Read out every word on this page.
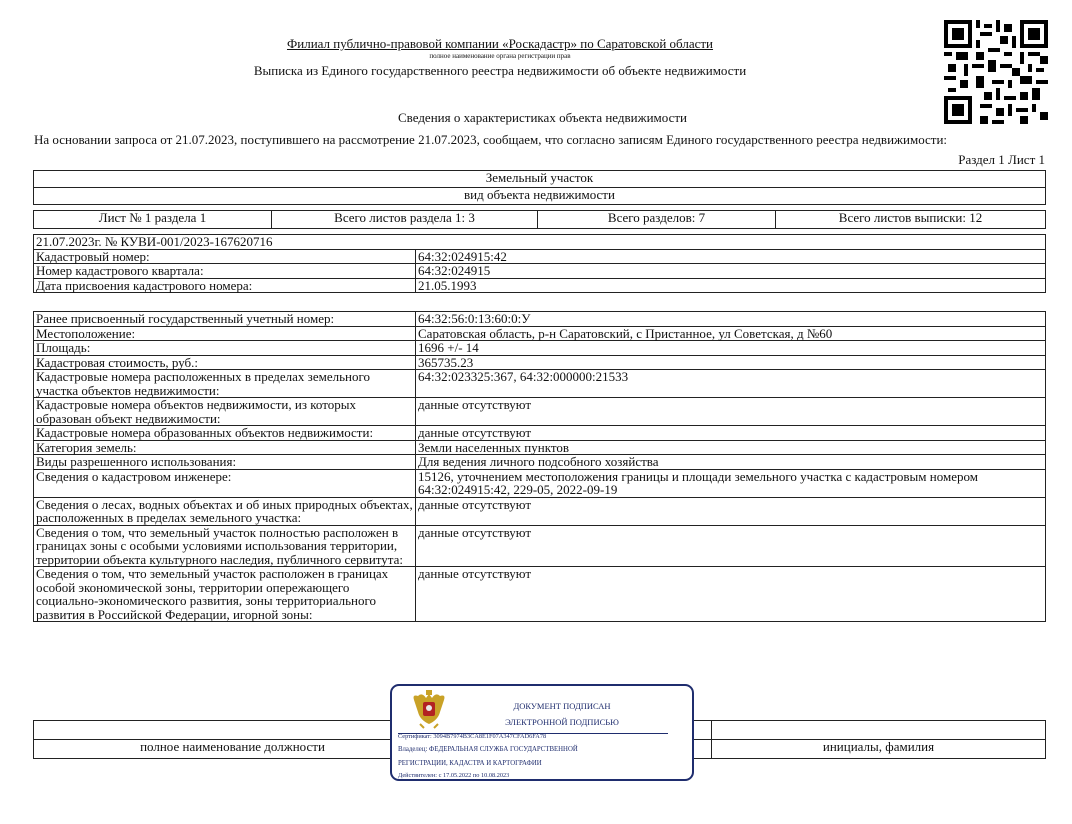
Филиал публично-правовой компании «Роскадастр» по Саратовской области
полное наименование органа регистрации прав
Выписка из Единого государственного реестра недвижимости об объекте недвижимости
Сведения о характеристиках объекта недвижимости
На основании запроса от 21.07.2023, поступившего на рассмотрение 21.07.2023, сообщаем, что согласно записям Единого государственного реестра недвижимости:
Раздел 1 Лист 1
Земельный участок
вид объекта недвижимости
Лист № 1 раздела 1	Всего листов раздела 1: 3	Всего разделов: 7	Всего листов выписки: 12
21.07.2023г. № КУВИ-001/2023-167620716	
Кадастровый номер:	64:32:024915:42
Номер кадастрового квартала:	64:32:024915
Дата присвоения кадастрового номера:	21.05.1993
Ранее присвоенный государственный учетный номер:	64:32:56:0:13:60:0:У
Местоположение:	Саратовская область, р-н Саратовский, с Пристанное, ул Советская, д №60
Площадь:	1696 +/- 14
Кадастровая стоимость, руб.:	365735.23
Кадастровые номера расположенных в пределах земельного участка объектов недвижимости:	64:32:023325:367, 64:32:000000:21533
Кадастровые номера объектов недвижимости, из которых образован объект недвижимости:	данные отсутствуют
Кадастровые номера образованных объектов недвижимости:	данные отсутствуют
Категория земель:	Земли населенных пунктов
Виды разрешенного использования:	Для ведения личного подсобного хозяйства
Сведения о кадастровом инженере:	15126, уточнением местоположения границы и площади земельного участка с кадастровым номером 64:32:024915:42, 229-05, 2022-09-19
Сведения о лесах, водных объектах и об иных природных объектах, расположенных в пределах земельного участка:	данные отсутствуют
Сведения о том, что земельный участок полностью расположен в границах зоны с особыми условиями использования территории, территории объекта культурного наследия, публичного сервитута:	данные отсутствуют
Сведения о том, что земельный участок расположен в границах особой экономической зоны, территории опережающего социально-экономического развития, зоны территориального развития в Российской Федерации, игорной зоны:	данные отсутствуют

полное наименование должности		инициалы, фамилия
ДОКУМЕНТ ПОДПИСАН
ЭЛЕКТРОННОЙ ПОДПИСЬЮ
Сертификат: 3094B7974B3CA8E1F07A347CFAD6FA78
Владелец: ФЕДЕРАЛЬНАЯ СЛУЖБА ГОСУДАРСТВЕННОЙ
РЕГИСТРАЦИИ, КАДАСТРА И КАРТОГРАФИИ
Действителен: с 17.05.2022 по 10.08.2023
